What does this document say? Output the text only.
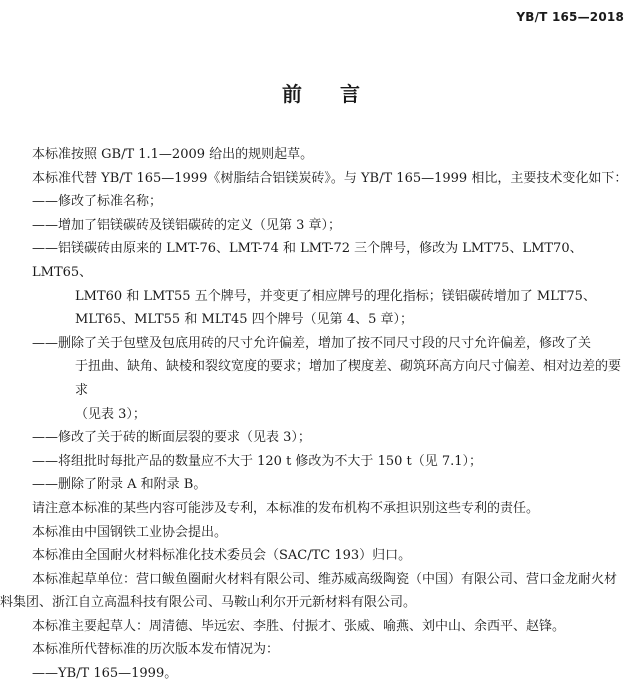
YB/T 165—2018
前言

本标准按照 GB/T 1.1—2009 给出的规则起草。

本标准代替 YB/T 165—1999《树脂结合铝镁炭砖》。与 YB/T 165—1999 相比，主要技术变化如下：

——修改了标准名称；
——增加了铝镁碳砖及镁铝碳砖的定义（见第 3 章）；
——铝镁碳砖由原来的 LMT-76、LMT-74 和 LMT-72 三个牌号，修改为 LMT75、LMT70、LMT65、
LMT60 和 LMT55 五个牌号，并变更了相应牌号的理化指标；镁铝碳砖增加了 MLT75、
MLT65、MLT55 和 MLT45 四个牌号（见第 4、5 章）；
——删除了关于包壁及包底用砖的尺寸允许偏差，增加了按不同尺寸段的尺寸允许偏差，修改了关
于扭曲、缺角、缺棱和裂纹宽度的要求；增加了楔度差、砌筑环高方向尺寸偏差、相对边差的要求
（见表 3）；
——修改了关于砖的断面层裂的要求（见表 3）；
——将组批时每批产品的数量应不大于 120 t 修改为不大于 150 t（见 7.1）；
——删除了附录 A 和附录 B。

请注意本标准的某些内容可能涉及专利，本标准的发布机构不承担识别这些专利的责任。

本标准由中国钢铁工业协会提出。

本标准由全国耐火材料标准化技术委员会（SAC/TC 193）归口。

本标准起草单位：营口鲅鱼圈耐火材料有限公司、维苏威高级陶瓷（中国）有限公司、营口金龙耐火材
料集团、浙江自立高温科技有限公司、马鞍山利尔开元新材料有限公司。

本标准主要起草人：周清德、毕远宏、李胜、付振才、张威、喻燕、刘中山、余西平、赵锋。

本标准所代替标准的历次版本发布情况为：

——YB/T 165—1999。
